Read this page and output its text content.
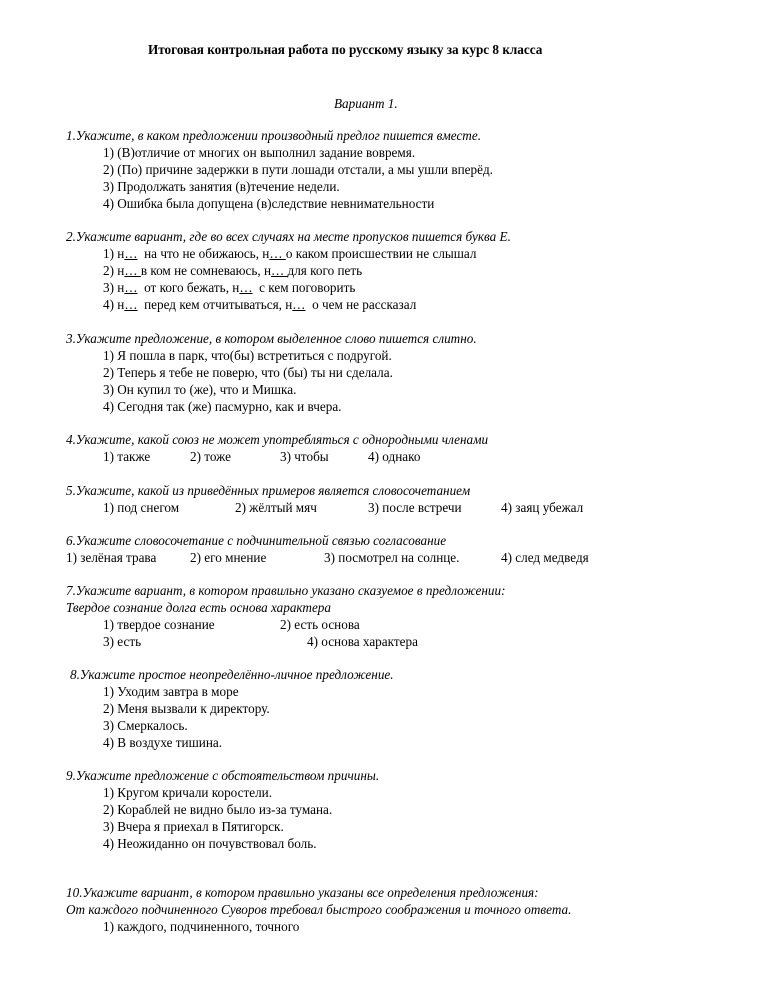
Итоговая контрольная работа по русскому языку за курс 8 класса
Вариант 1.
1.Укажите, в каком предложении производный предлог пишется вместе.
1) (В)отличие от многих он выполнил задание вовремя.
2) (По) причине задержки в пути лошади отстали, а мы ушли вперёд.
3) Продолжать занятия (в)течение недели.
4) Ошибка была допущена (в)следствие невнимательности
2.Укажите вариант, где во всех случаях на месте пропусков пишется буква Е.
1) н…  на что не обижаюсь, н… о каком происшествии не слышал
2) н… в ком не сомневаюсь, н… для кого петь
3) н…  от кого бежать, н…  с кем поговорить
4) н…  перед кем отчитываться, н…  о чем не рассказал
3.Укажите предложение, в котором выделенное слово пишется слитно.
1) Я пошла в парк, что(бы) встретиться с подругой.
2) Теперь я тебе не поверю, что (бы) ты ни сделала.
3) Он купил то (же), что и Мишка.
4) Сегодня так (же) пасмурно, как и вчера.
4.Укажите, какой союз не может употребляться с однородными членами
1) также	2) тоже	3) чтобы	4) однако
5.Укажите, какой из приведённых примеров является словосочетанием
1) под снегом	2) жёлтый мяч	3) после встречи	4) заяц убежал
6.Укажите словосочетание с подчинительной связью согласование
1) зелёная трава	2) его мнение	3) посмотрел на солнце.	4) след медведя
7.Укажите вариант, в котором правильно указано сказуемое в предложении:
Твердое сознание долга есть основа характера
1) твердое сознание	2) есть основа
3) есть	4) основа характера
8.Укажите простое неопределённо-личное предложение.
1) Уходим завтра в море
2) Меня вызвали к директору.
3) Смеркалось.
4) В воздухе тишина.
9.Укажите предложение с обстоятельством причины.
1) Кругом кричали коростели.
2) Кораблей не видно было из-за тумана.
3) Вчера я приехал в Пятигорск.
4) Неожиданно он почувствовал боль.
10.Укажите вариант, в котором правильно указаны все определения предложения:
От каждого подчиненного Суворов требовал быстрого соображения и точного ответа.
1) каждого, подчиненного, точного
